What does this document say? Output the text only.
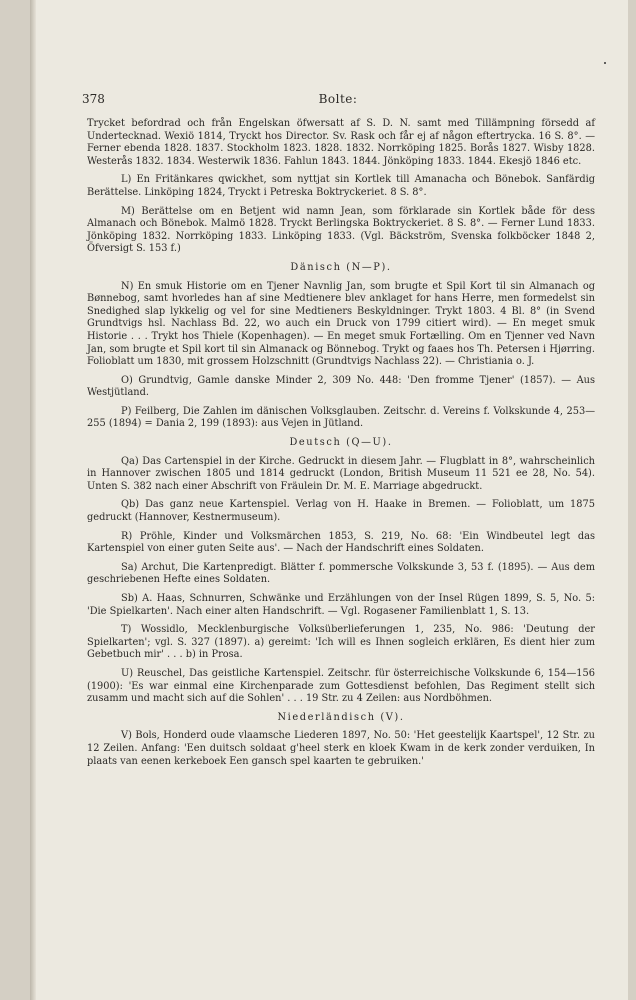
378	Bolte:

Trycket befordrad och från Engelskan öfwersatt af S. D. N. samt med Tillämpning försedd af Undertecknad. Wexiö 1814, Tryckt hos Director. Sv. Rask och får ej af någon eftertrycka. 16 S. 8°. — Ferner ebenda 1828. 1837. Stockholm 1823. 1828. 1832. Norrköping 1825. Borås 1827. Wisby 1828. Westerås 1832. 1834. Westerwik 1836. Fahlun 1843. 1844. Jönköping 1833. 1844. Ekesjö 1846 etc.

L) En Fritänkares qwickhet, som nyttjat sin Kortlek till Amanacha och Bönebok. Sanfärdig Berättelse. Linköping 1824, Tryckt i Petreska Boktryckeriet. 8 S. 8°.

M) Berättelse om en Betjent wid namn Jean, som förklarade sin Kortlek både för dess Almanach och Bönebok. Malmö 1828. Tryckt Berlingska Boktryckeriet. 8 S. 8°. — Ferner Lund 1833. Jönköping 1832. Norrköping 1833. Linköping 1833. (Vgl. Bäckström, Svenska folkböcker 1848 2, Öfversigt S. 153 f.)

Dänisch (N—P).

N) En smuk Historie om en Tjener Navnlig Jan, som brugte et Spil Kort til sin Almanach og Bønnebog, samt hvorledes han af sine Medtienere blev anklaget for hans Herre, men formedelst sin Snedighed slap lykkelig og vel for sine Medtieners Beskyldninger. Trykt 1803. 4 Bl. 8° (in Svend Grundtvigs hsl. Nachlass Bd. 22, wo auch ein Druck von 1799 citiert wird). — En meget smuk Historie . . . Trykt hos Thiele (Kopenhagen). — En meget smuk Fortælling. Om en Tjenner ved Navn Jan, som brugte et Spil kort til sin Almanack og Bönnebog. Trykt og faaes hos Th. Petersen i Hjørring. Folioblatt um 1830, mit grossem Holzschnitt (Grundtvigs Nachlass 22). — Christiania o. J.

O) Grundtvig, Gamle danske Minder 2, 309 No. 448: 'Den fromme Tjener' (1857). — Aus Westjütland.

P) Feilberg, Die Zahlen im dänischen Volksglauben. Zeitschr. d. Vereins f. Volkskunde 4, 253—255 (1894) = Dania 2, 199 (1893): aus Vejen in Jütland.

Deutsch (Q—U).

Qa) Das Cartenspiel in der Kirche. Gedruckt in diesem Jahr. — Flugblatt in 8°, wahrscheinlich in Hannover zwischen 1805 und 1814 gedruckt (London, British Museum 11 521 ee 28, No. 54). Unten S. 382 nach einer Abschrift von Fräulein Dr. M. E. Marriage abgedruckt.

Qb) Das ganz neue Kartenspiel. Verlag von H. Haake in Bremen. — Folioblatt, um 1875 gedruckt (Hannover, Kestnermuseum).

R) Pröhle, Kinder und Volksmärchen 1853, S. 219, No. 68: 'Ein Windbeutel legt das Kartenspiel von einer guten Seite aus'. — Nach der Handschrift eines Soldaten.

Sa) Archut, Die Kartenpredigt. Blätter f. pommersche Volkskunde 3, 53 f. (1895). — Aus dem geschriebenen Hefte eines Soldaten.

Sb) A. Haas, Schnurren, Schwänke und Erzählungen von der Insel Rügen 1899, S. 5, No. 5: 'Die Spielkarten'. Nach einer alten Handschrift. — Vgl. Rogasener Familienblatt 1, S. 13.

T) Wossidlo, Mecklenburgische Volksüberlieferungen 1, 235, No. 986: 'Deutung der Spielkarten'; vgl. S. 327 (1897). a) gereimt: 'Ich will es Ihnen sogleich erklären, Es dient hier zum Gebetbuch mir' . . . b) in Prosa.

U) Reuschel, Das geistliche Kartenspiel. Zeitschr. für österreichische Volkskunde 6, 154—156 (1900): 'Es war einmal eine Kirchenparade zum Gottesdienst befohlen, Das Regiment stellt sich zusamm und macht sich auf die Sohlen' . . . 19 Str. zu 4 Zeilen: aus Nordböhmen.

Niederländisch (V).

V) Bols, Honderd oude vlaamsche Liederen 1897, No. 50: 'Het geestelijk Kaartspel', 12 Str. zu 12 Zeilen. Anfang: 'Een duitsch soldaat g'heel sterk en kloek Kwam in de kerk zonder verduiken, In plaats van eenen kerkeboek Een gansch spel kaarten te gebruiken.'
